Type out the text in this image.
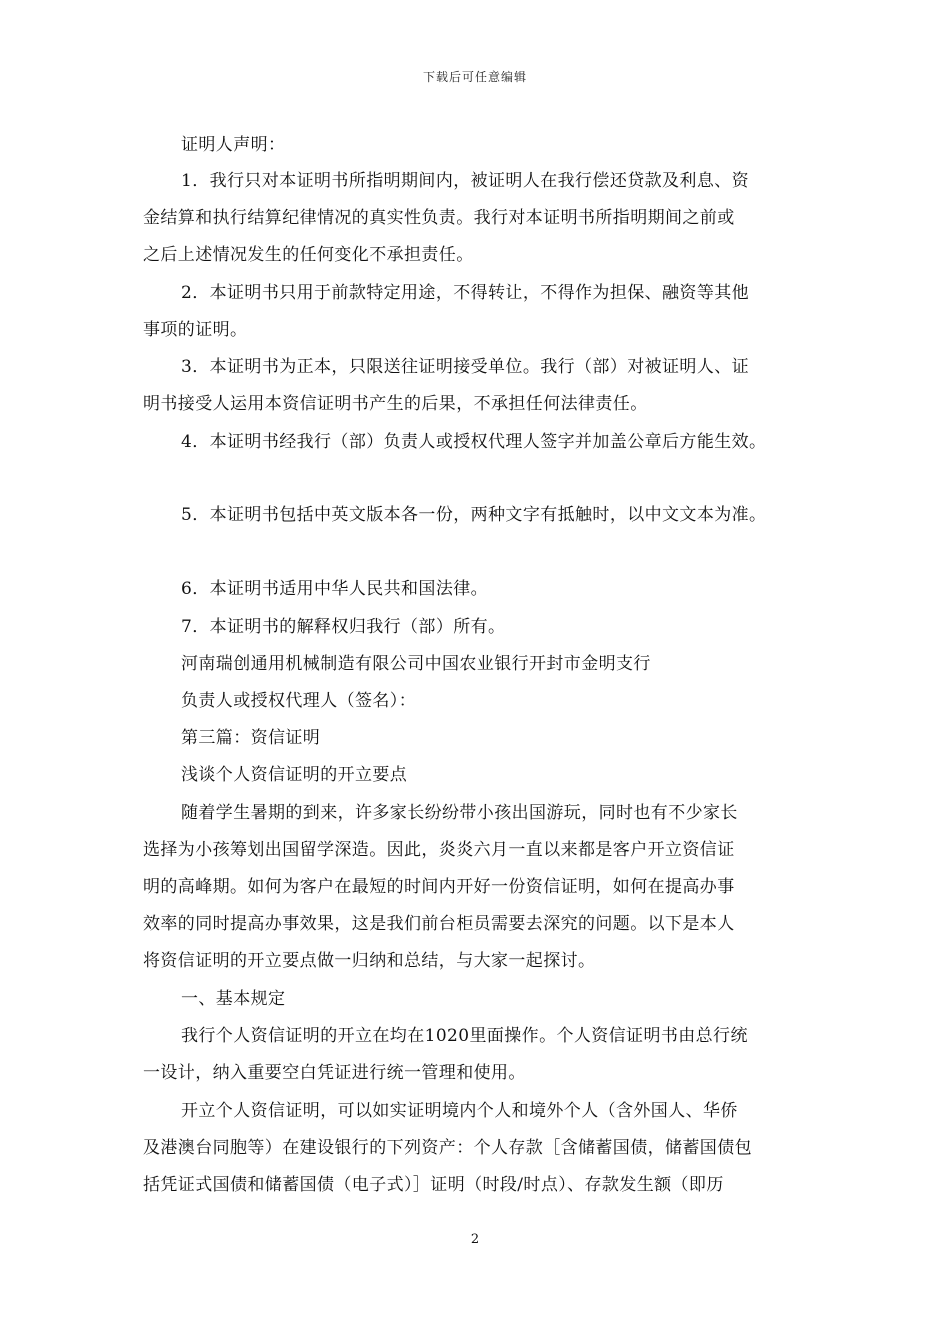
下载后可任意编辑
证明人声明：
1．我行只对本证明书所指明期间内，被证明人在我行偿还贷款及利息、资
金结算和执行结算纪律情况的真实性负责。我行对本证明书所指明期间之前或
之后上述情况发生的任何变化不承担责任。
2．本证明书只用于前款特定用途，不得转让，不得作为担保、融资等其他
事项的证明。
3．本证明书为正本，只限送往证明接受单位。我行（部）对被证明人、证
明书接受人运用本资信证明书产生的后果，不承担任何法律责任。
4．本证明书经我行（部）负责人或授权代理人签字并加盖公章后方能生效。
5．本证明书包括中英文版本各一份，两种文字有抵触时，以中文文本为准。
6．本证明书适用中华人民共和国法律。
7．本证明书的解释权归我行（部）所有。
河南瑞创通用机械制造有限公司中国农业银行开封市金明支行
负责人或授权代理人（签名）：
第三篇：资信证明
浅谈个人资信证明的开立要点
随着学生暑期的到来，许多家长纷纷带小孩出国游玩，同时也有不少家长
选择为小孩筹划出国留学深造。因此，炎炎六月一直以来都是客户开立资信证
明的高峰期。如何为客户在最短的时间内开好一份资信证明，如何在提高办事
效率的同时提高办事效果，这是我们前台柜员需要去深究的问题。以下是本人
将资信证明的开立要点做一归纳和总结，与大家一起探讨。
一、基本规定
我行个人资信证明的开立在均在1020里面操作。个人资信证明书由总行统
一设计，纳入重要空白凭证进行统一管理和使用。
开立个人资信证明，可以如实证明境内个人和境外个人（含外国人、华侨
及港澳台同胞等）在建设银行的下列资产：个人存款［含储蓄国债，储蓄国债包
括凭证式国债和储蓄国债（电子式）］证明（时段/时点）、存款发生额（即历
2
